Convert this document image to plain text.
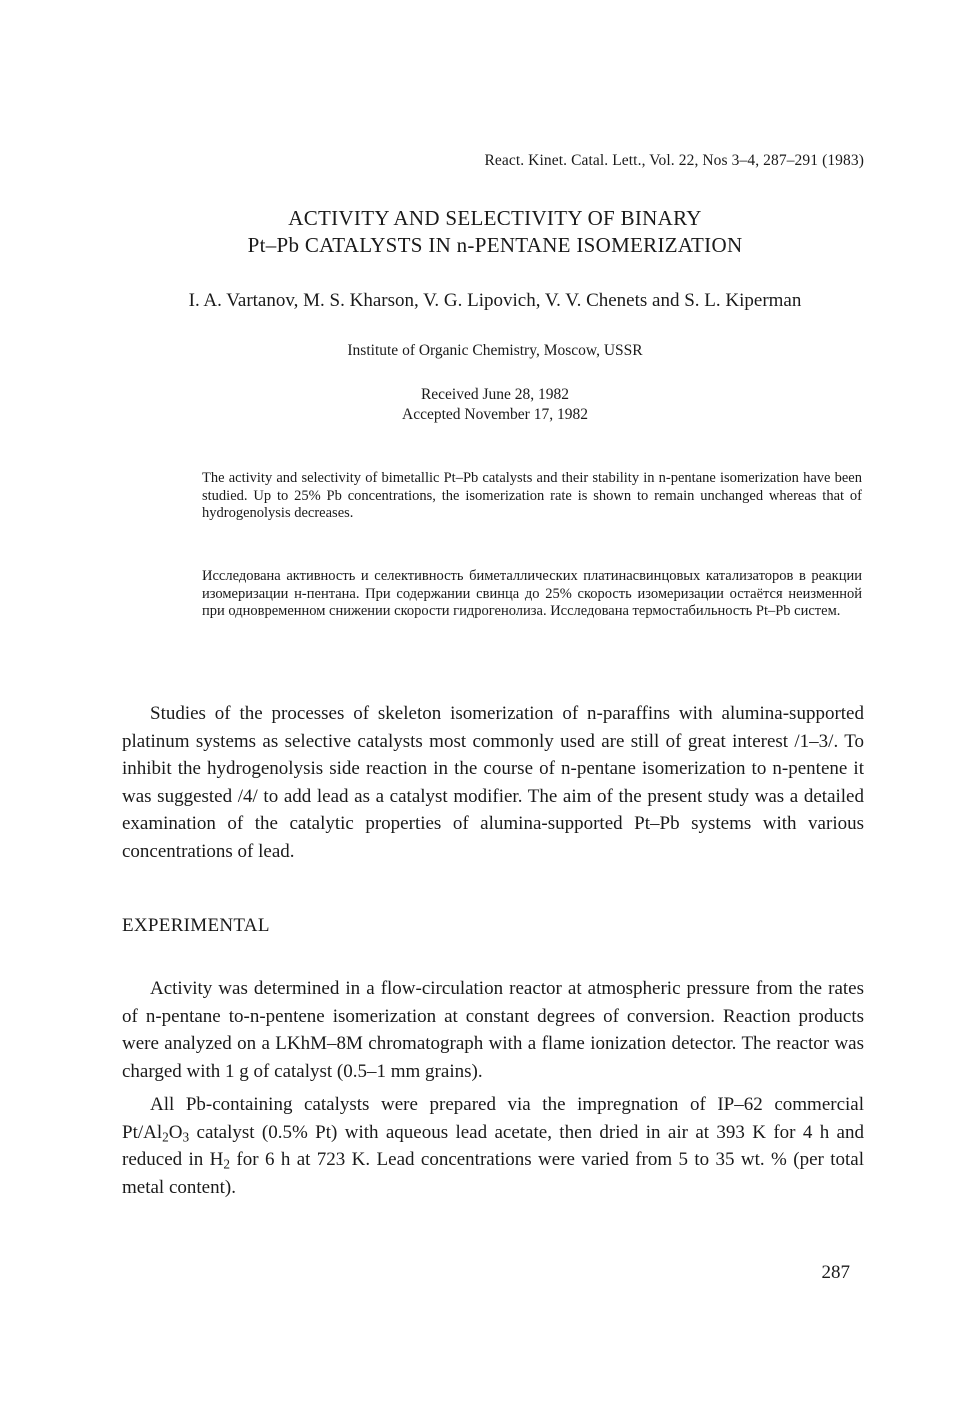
React. Kinet. Catal. Lett., Vol. 22, Nos 3–4, 287–291 (1983)
ACTIVITY AND SELECTIVITY OF BINARY
Pt–Pb CATALYSTS IN n-PENTANE ISOMERIZATION
I. A. Vartanov, M. S. Kharson, V. G. Lipovich, V. V. Chenets and S. L. Kiperman
Institute of Organic Chemistry, Moscow, USSR
Received June 28, 1982
Accepted November 17, 1982
The activity and selectivity of bimetallic Pt–Pb catalysts and their stability in n-pentane isomerization have been studied. Up to 25% Pb concentrations, the isomerization rate is shown to remain unchanged whereas that of hydrogenolysis decreases.
Исследована активность и селективность биметаллических платинасвинцовых катализаторов в реакции изомеризации н-пентана. При содержании свинца до 25% скорость изомеризации остаётся неизменной при одновременном снижении скорости гидрогенолиза. Исследована термостабильность Pt–Pb систем.

Studies of the processes of skeleton isomerization of n-paraffins with alumina-supported platinum systems as selective catalysts most commonly used are still of great interest /1–3/. To inhibit the hydrogenolysis side reaction in the course of n-pentane isomerization to n-pentene it was suggested /4/ to add lead as a catalyst modifier. The aim of the present study was a detailed examination of the catalytic properties of alumina-supported Pt–Pb systems with various concentrations of lead.

EXPERIMENTAL

Activity was determined in a flow-circulation reactor at atmospheric pressure from the rates of n-pentane to-n-pentene isomerization at constant degrees of conversion. Reaction products were analyzed on a LKhM–8M chromatograph with a flame ionization detector. The reactor was charged with 1 g of catalyst (0.5–1 mm grains).

All Pb-containing catalysts were prepared via the impregnation of IP–62 commercial $Pt/Al_2O_3$ catalyst (0.5% Pt) with aqueous lead acetate, then dried in air at 393 K for 4 h and reduced in $H_2$ for 6 h at 723 K. Lead concentrations were varied from 5 to 35 wt. % (per total metal content).

287
